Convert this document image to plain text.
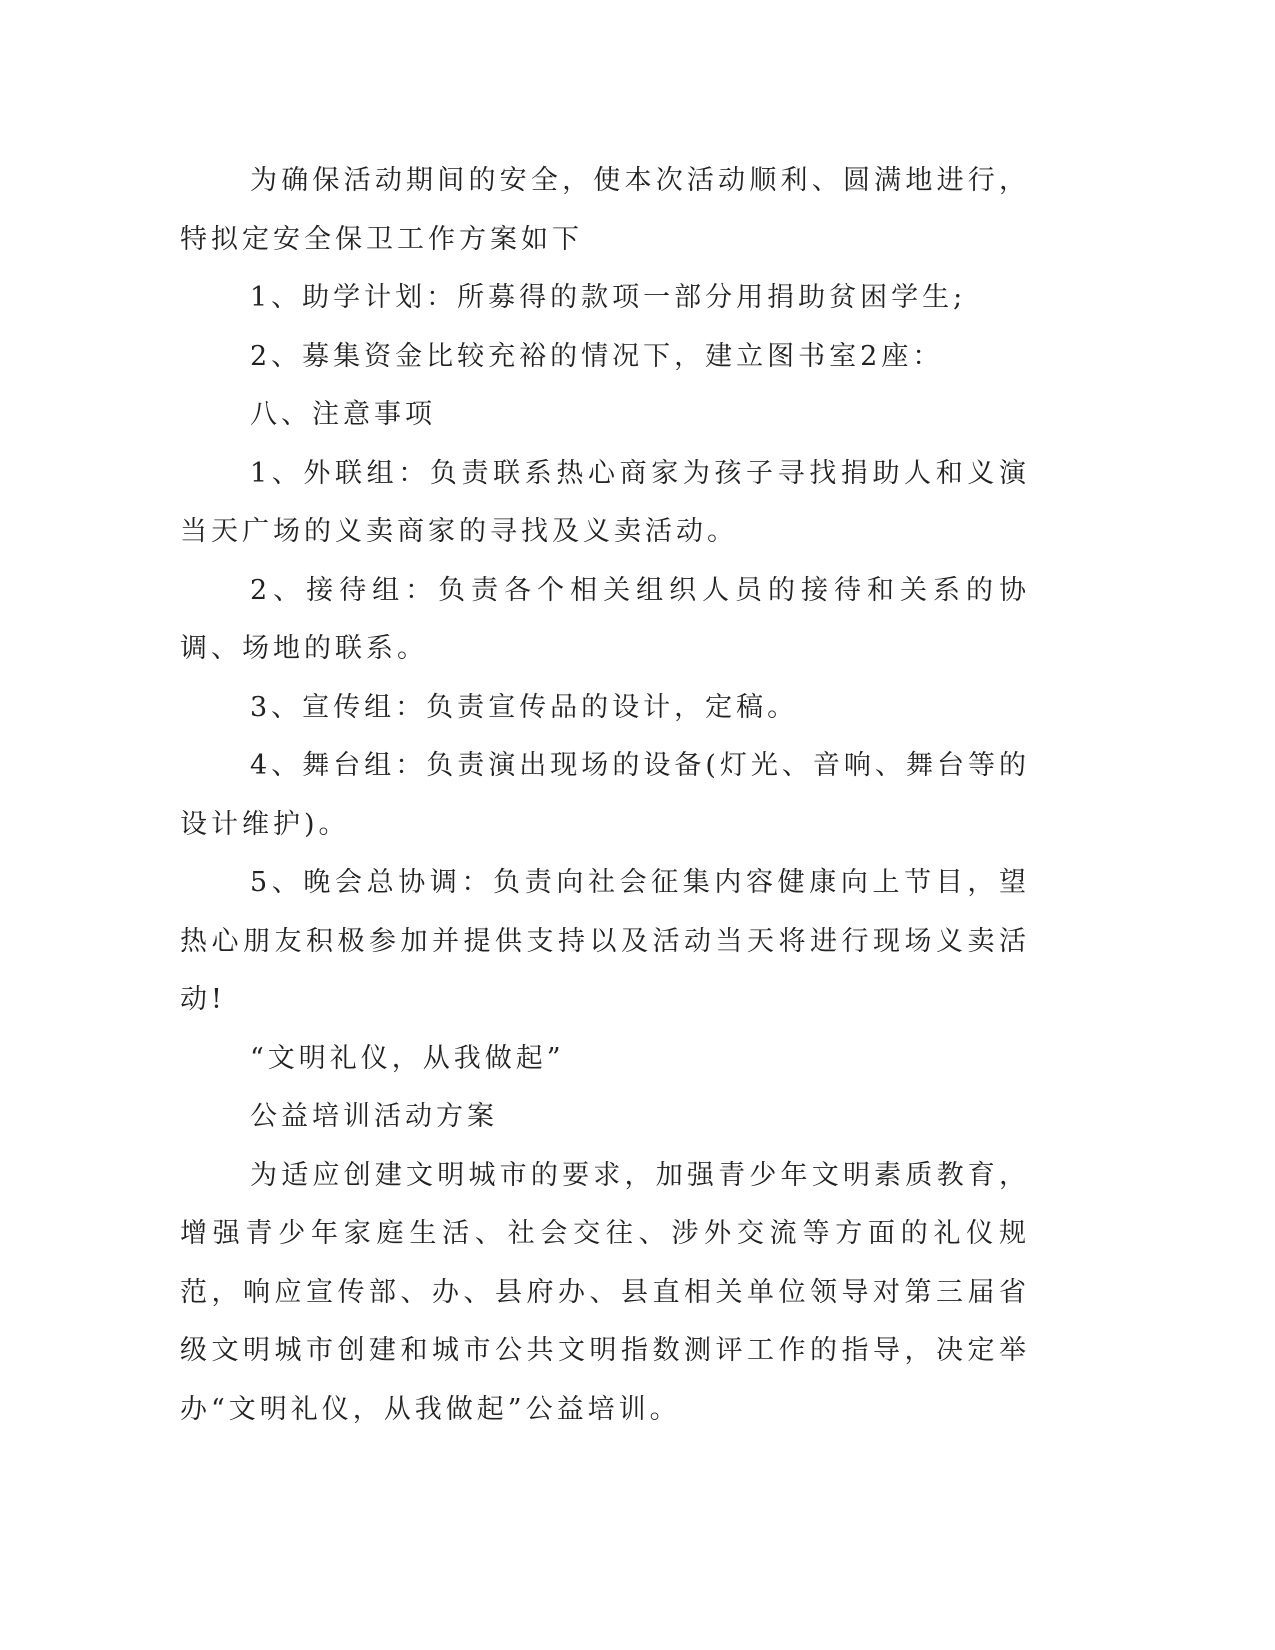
为确保活动期间的安全，使本次活动顺利、圆满地进行，特拟定安全保卫工作方案如下

1、助学计划：所募得的款项一部分用捐助贫困学生;

2、募集资金比较充裕的情况下，建立图书室2座：

八、注意事项

1、外联组：负责联系热心商家为孩子寻找捐助人和义演当天广场的义卖商家的寻找及义卖活动。

2、接待组：负责各个相关组织人员的接待和关系的协调、场地的联系。

3、宣传组：负责宣传品的设计，定稿。

4、舞台组：负责演出现场的设备(灯光、音响、舞台等的设计维护)。

5、晚会总协调：负责向社会征集内容健康向上节目，望热心朋友积极参加并提供支持以及活动当天将进行现场义卖活动!

“文明礼仪，从我做起”

公益培训活动方案

为适应创建文明城市的要求，加强青少年文明素质教育，增强青少年家庭生活、社会交往、涉外交流等方面的礼仪规范，响应宣传部、办、县府办、县直相关单位领导对第三届省级文明城市创建和城市公共文明指数测评工作的指导，决定举办“文明礼仪，从我做起”公益培训。
